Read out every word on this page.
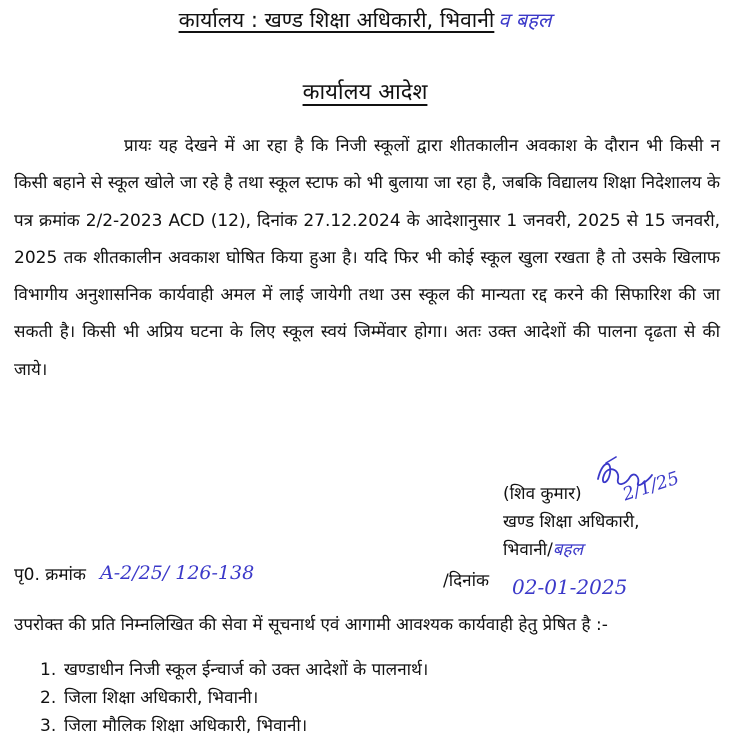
कार्यालय : खण्ड शिक्षा अधिकारी, भिवानी व बहल
कार्यालय आदेश
प्रायः यह देखने में आ रहा है कि निजी स्कूलों द्वारा शीतकालीन अवकाश के दौरान भी किसी न किसी बहाने से स्कूल खोले जा रहे है तथा स्कूल स्टाफ को भी बुलाया जा रहा है, जबकि विद्यालय शिक्षा निदेशालय के पत्र क्रमांक 2/2-2023 ACD (12), दिनांक 27.12.2024 के आदेशानुसार 1 जनवरी, 2025 से 15 जनवरी, 2025 तक शीतकालीन अवकाश घोषित किया हुआ है। यदि फिर भी कोई स्कूल खुला रखता है तो उसके खिलाफ विभागीय अनुशासनिक कार्यवाही अमल में लाई जायेगी तथा उस स्कूल की मान्यता रद्द करने की सिफारिश की जा सकती है। किसी भी अप्रिय घटना के लिए स्कूल स्वयं जिम्मेंवार होगा। अतः उक्त आदेशों की पालना दृढता से की जाये।
2/1/25
(शिव कुमार)
खण्ड शिक्षा अधिकारी,
भिवानी/बहल
पृ0. क्रमांक A-2/25/ 126-138	/दिनांक 02-01-2025
उपरोक्त की प्रति निम्नलिखित की सेवा में सूचनार्थ एवं आगामी आवश्यक कार्यवाही हेतु प्रेषित है :-
1. खण्डाधीन निजी स्कूल ईन्चार्ज को उक्त आदेशों के पालनार्थ।
2. जिला शिक्षा अधिकारी, भिवानी।
3. जिला मौलिक शिक्षा अधिकारी, भिवानी।
